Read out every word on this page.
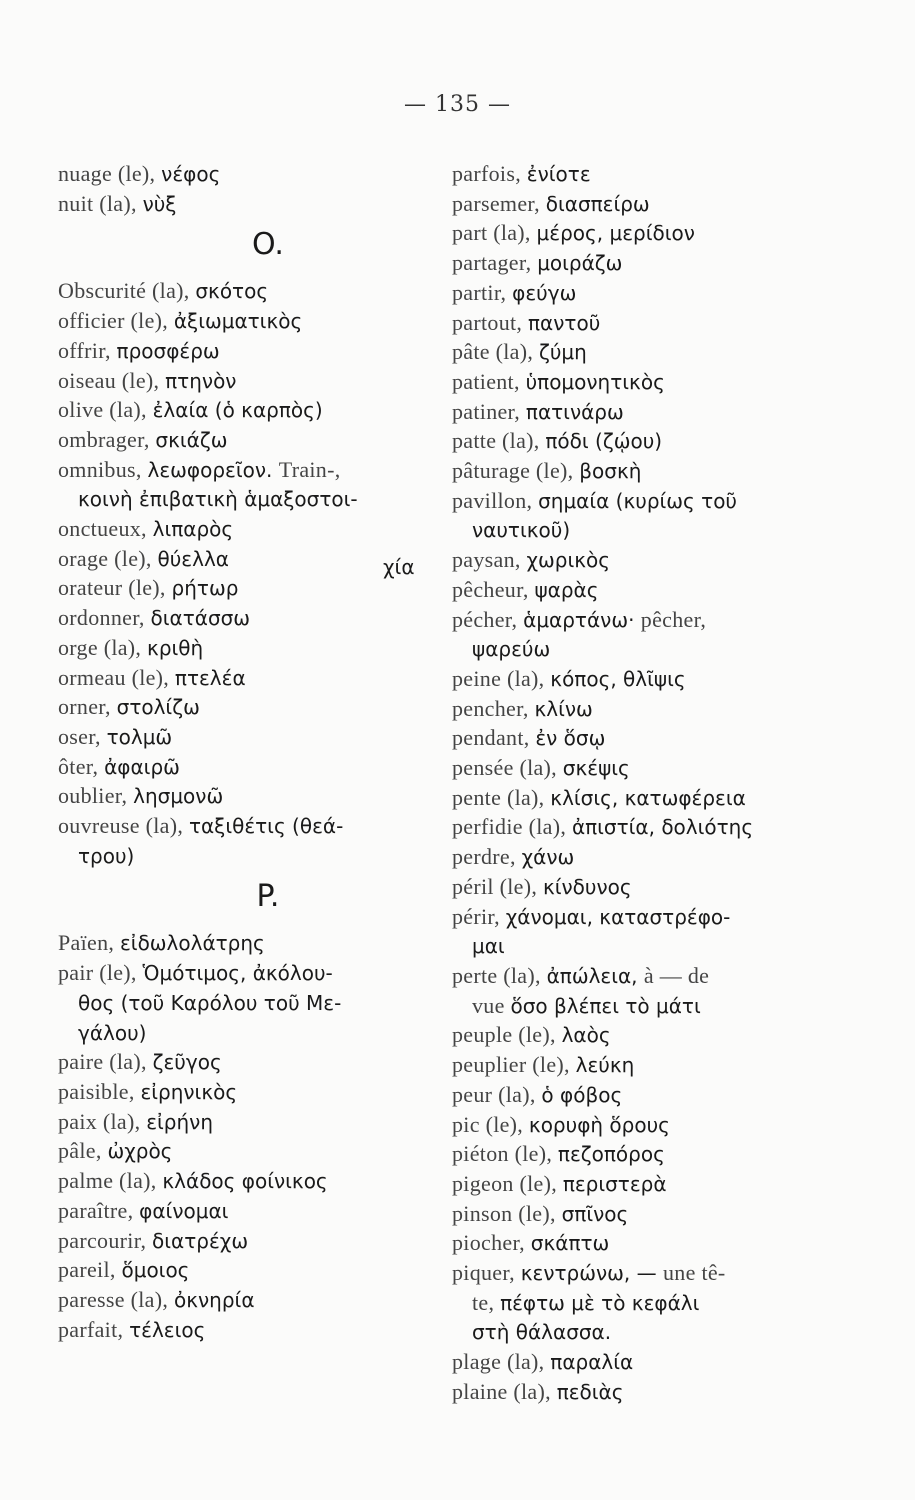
— 135 —
nuage (le), νέφος
nuit (la), νὺξ
O.
Obscurité (la), σκότος
officier (le), ἀξιωματικὸς
offrir, προσφέρω
oiseau (le), πτηνὸν
olive (la), ἐλαία (ὁ καρπὸς)
ombrager, σκιάζω
omnibus, λεωφορεῖον. Train-,
κοινὴ ἐπιβατικὴ ἁμαξοστοι-
onctueux, λιπαρὸς
orage (le), θύελλα
orateur (le), ρήτωρ
ordonner, διατάσσω
orge (la), κριθὴ
ormeau (le), πτελέα
orner, στολίζω
oser, τολμῶ
ôter, ἀφαιρῶ
oublier, λησμονῶ
ouvreuse (la), ταξιθέτις (θεά-
τρου)
P.
Païen, εἰδωλολάτρης
pair (le), Ὁμότιμος, ἀκόλου-
θος (τοῦ Καρόλου τοῦ Με-
γάλου)
paire (la), ζεῦγος
paisible, εἰρηνικὸς
paix (la), εἰρήνη
pâle, ὠχρὸς
palme (la), κλάδος φοίνικος
paraître, φαίνομαι
parcourir, διατρέχω
pareil, ὅμοιος
paresse (la), ὀκνηρία
parfait, τέλειος
χία
parfois, ἐνίοτε
parsemer, διασπείρω
part (la), μέρος, μερίδιον
partager, μοιράζω
partir, φεύγω
partout, παντοῦ
pâte (la), ζύμη
patient, ὑπομονητικὸς
patiner, πατινάρω
patte (la), πόδι (ζῴου)
pâturage (le), βοσκὴ
pavillon, σημαία (κυρίως τοῦ
ναυτικοῦ)
paysan, χωρικὸς
pêcheur, ψαρὰς
pécher, ἁμαρτάνω· pêcher,
ψαρεύω
peine (la), κόπος, θλῖψις
pencher, κλίνω
pendant, ἐν ὅσῳ
pensée (la), σκέψις
pente (la), κλίσις, κατωφέρεια
perfidie (la), ἀπιστία, δολιότης
perdre, χάνω
péril (le), κίνδυνος
périr, χάνομαι, καταστρέφο-
μαι
perte (la), ἀπώλεια, à — de
vue ὅσο βλέπει τὸ μάτι
peuple (le), λαὸς
peuplier (le), λεύκη
peur (la), ὁ φόβος
pic (le), κορυφὴ ὅρους
piéton (le), πεζοπόρος
pigeon (le), περιστερὰ
pinson (le), σπῖνος
piocher, σκάπτω
piquer, κεντρώνω, — une tê-
te, πέφτω μὲ τὸ κεφάλι
στὴ θάλασσα.
plage (la), παραλία
plaine (la), πεδιὰς
